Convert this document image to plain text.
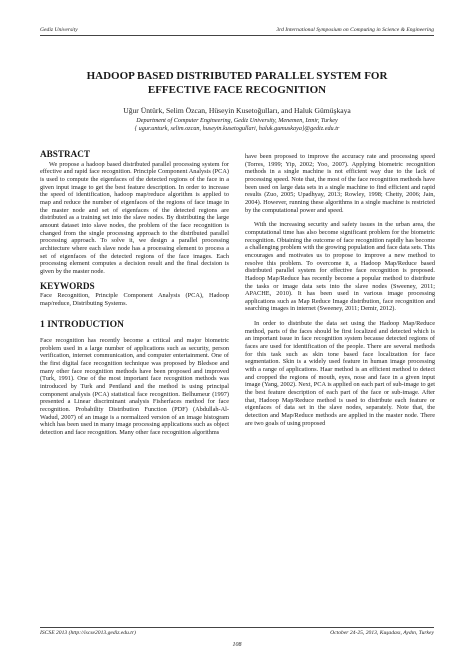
Gediz University	3rd International Symposium on Computing in Science & Engineering
HADOOP BASED DISTRIBUTED PARALLEL SYSTEM FOR
EFFECTIVE FACE RECOGNITION
Uğur Üntürk, Selim Özcan, Hüseyin Kusetoğulları, and Haluk Gümüşkaya
Department of Computer Engineering, Gediz University, Menemen, Izmir, Turkey
{ ugur.unturk, selim.ozcan, huseyin.kusetogullari, haluk.gumuskaya}@gediz.edu.tr
ABSTRACT

We propose a hadoop based distributed parallel processing system for effective and rapid face recognition. Principle Component Analysis (PCA) is used to compute the eigenfaces of the detected regions of the face in a given input image to get the best feature description. In order to increase the speed of identification, hadoop map/reduce algorithm is applied to map and reduce the number of eigenfaces of the regions of face image in the master node and set of eigenfaces of the detected regions are distributed as a training set into the slave nodes. By distributing the large amount dataset into slave nodes, the problem of the face recognition is changed from the single processing approach to the distributed parallel processing approach. To solve it, we design a parallel processing architecture where each slave node has a processing element to process a set of eigenfaces of the detected regions of the face images. Each processing element computes a decision result and the final decision is given by the master node.

KEYWORDS

Face Recognition, Principle Component Analysis (PCA), Hadoop map/reduce, Distributing Systems.

1 INTRODUCTION

Face recognition has recently become a critical and major biometric problem used in a large number of applications such as security, person verification, internet communication, and computer entertainment. One of the first digital face recognition technique was proposed by Bledsoe and many other face recognition methods have been proposed and improved (Turk, 1991). One of the most important face recognition methods was introduced by Turk and Pentland and the method is using principal component analysis (PCA) statistical face recognition. Belhumeur (1997) presented a Linear discriminant analysis Fisherfaces method for face recognition. Probability Distribution Function (PDF) (Abdullah-Al-Wadud, 2007) of an image is a normalized version of an image histogram which has been used in many image processing applications such as object detection and face recognition. Many other face recognition algorithms

have been proposed to improve the accuracy rate and processing speed (Torres, 1999; Yip, 2002; Yoo, 2007). Applying biometric recognition methods in a single machine is not efficient way due to the lack of processing speed. Note that, the most of the face recognition methods have been used on large data sets in a single machine to find efficient and rapid results (Zuo, 2005; Upadhyay, 2013; Rowley, 1998; Chetty, 2006; Jain, 2004). However, running these algorithms in a single machine is restricted by the computational power and speed.

With the increasing security and safety issues in the urban area, the computational time has also become significant problem for the biometric recognition. Obtaining the outcome of face recognition rapidly has become a challenging problem with the growing population and face data sets. This encourages and motivates us to propose to improve a new method to resolve this problem. To overcome it, a Hadoop Map/Reduce based distributed parallel system for effective face recognition is proposed. Hadoop Map/Reduce has recently become a popular method to distribute the tasks or image data sets into the slave nodes (Sweeney, 2011; APACHE, 2010). It has been used in various image processing applications such as Map Reduce Image distribution, face recognition and searching images in internet (Sweeney, 2011; Demir, 2012).

In order to distribute the data set using the Hadoop Map/Reduce method, parts of the faces should be first localized and detected which is an important issue in face recognition system because detected regions of faces are used for identification of the people. There are several methods for this task such as skin tone based face localization for face segmentation. Skin is a widely used feature in human image processing with a range of applications. Haar method is an efficient method to detect and cropped the regions of mouth, eyes, nose and face in a given input image (Yang, 2002). Next, PCA is applied on each part of sub-image to get the best feature description of each part of the face or sub-image. After that, Hadoop Map/Reduce method is used to distribute each feature or eigenfaces of data set in the slave nodes, separately. Note that, the detection and Map/Reduce methods are applied in the master node. There are two goals of using proposed

ISCSE 2013 (http://iscse2013.gediz.edu.tr)	October 24-25, 2013, Kuşadası, Aydın, Turkey
108
